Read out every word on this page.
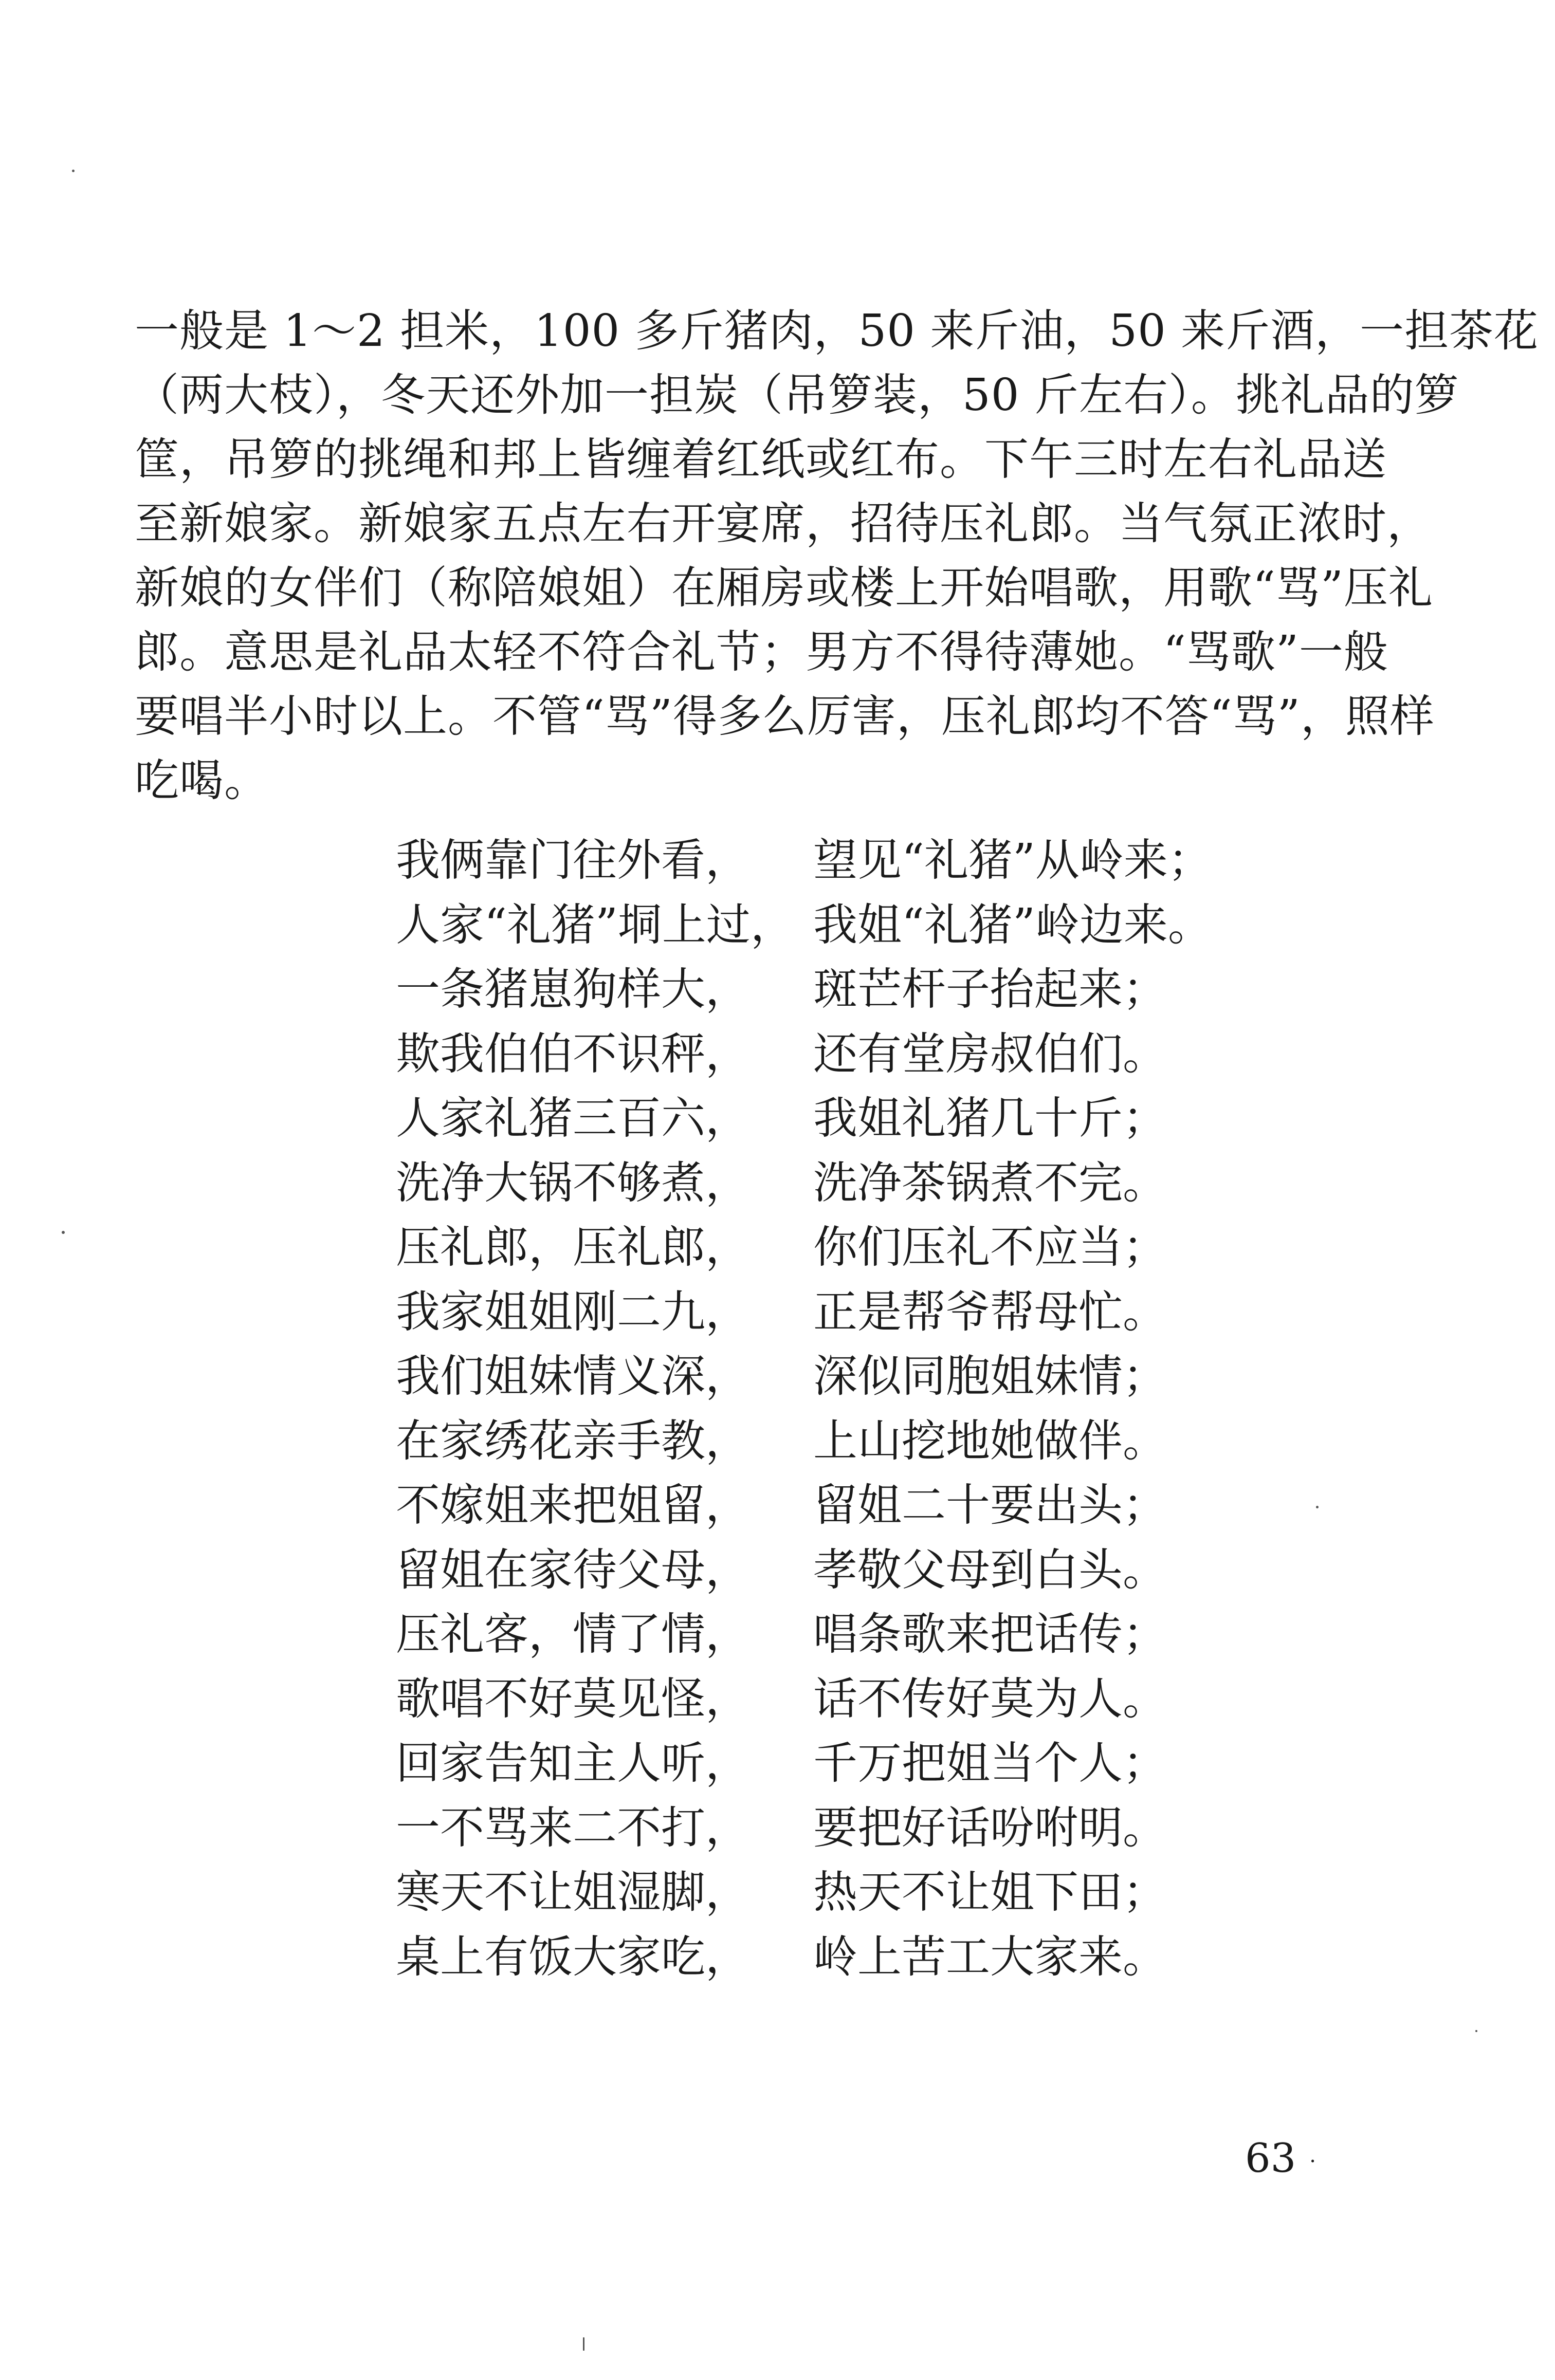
一般是 1～2 担米，100 多斤猪肉，50 来斤油，50 来斤酒，一担茶花
（两大枝），冬天还外加一担炭（吊箩装，50 斤左右）。挑礼品的箩
筐，吊箩的挑绳和邦上皆缠着红纸或红布。下午三时左右礼品送
至新娘家。新娘家五点左右开宴席，招待压礼郎。当气氛正浓时，
新娘的女伴们（称陪娘姐）在厢房或楼上开始唱歌，用歌“骂”压礼
郎。意思是礼品太轻不符合礼节；男方不得待薄她。“骂歌”一般
要唱半小时以上。不管“骂”得多么厉害，压礼郎均不答“骂”，照样
吃喝。
我俩靠门往外看， 望见“礼猪”从岭来；
人家“礼猪”垌上过， 我姐“礼猪”岭边来。
一条猪崽狗样大， 斑芒杆子抬起来；
欺我伯伯不识秤， 还有堂房叔伯们。
人家礼猪三百六， 我姐礼猪几十斤；
洗净大锅不够煮， 洗净茶锅煮不完。
压礼郎，压礼郎， 你们压礼不应当；
我家姐姐刚二九， 正是帮爷帮母忙。
我们姐妹情义深， 深似同胞姐妹情；
在家绣花亲手教， 上山挖地她做伴。
不嫁姐来把姐留， 留姐二十要出头；
留姐在家待父母， 孝敬父母到白头。
压礼客，情了情， 唱条歌来把话传；
歌唱不好莫见怪， 话不传好莫为人。
回家告知主人听， 千万把姐当个人；
一不骂来二不打， 要把好话吩咐明。
寒天不让姐湿脚， 热天不让姐下田；
桌上有饭大家吃， 岭上苦工大家来。
63 ·
